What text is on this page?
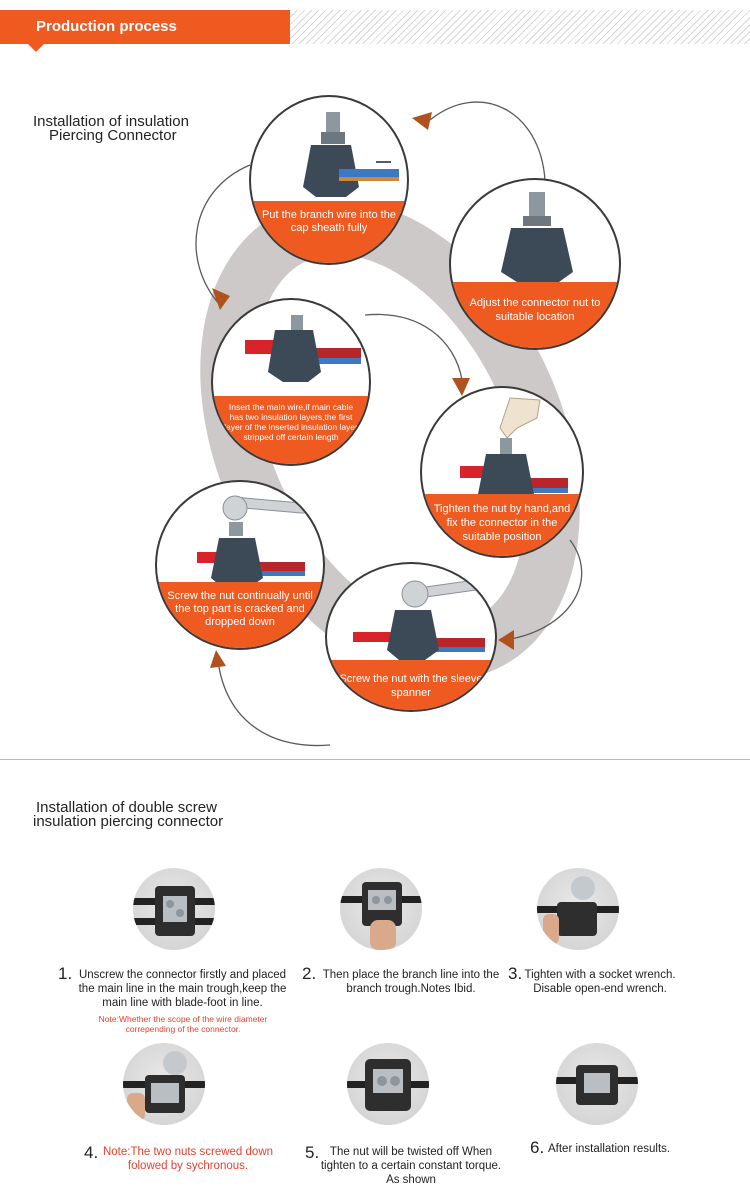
Production process
Installation of insulation
Piercing Connector
Put the branch wire into the cap sheath fully
Adjust the connector nut to suitable location
Insert the main wire,if main cable has two insulation layers,the first layer of the inserted insulation layer stripped off certain length
Tighten the nut by hand,and fix the connector in the suitable position
Screw the nut continually until the top part is cracked and dropped down
Screw the nut with the sleeve spanner
Installation of double screw
insulation piercing connector
1. Unscrew the connector firstly and placed the main line in the main trough,keep the main line with blade-foot in line.
Note:Whether the scope of the wire diameter correpending of the connector.
2. Then place the branch line into the branch trough.Notes Ibid.
3. Tighten with a socket wrench. Disable open-end wrench.
4. Note:The two nuts screwed down folowed by sychronous.
5. The nut will be twisted off When tighten to a certain constant torque. As shown
6. After installation results.
